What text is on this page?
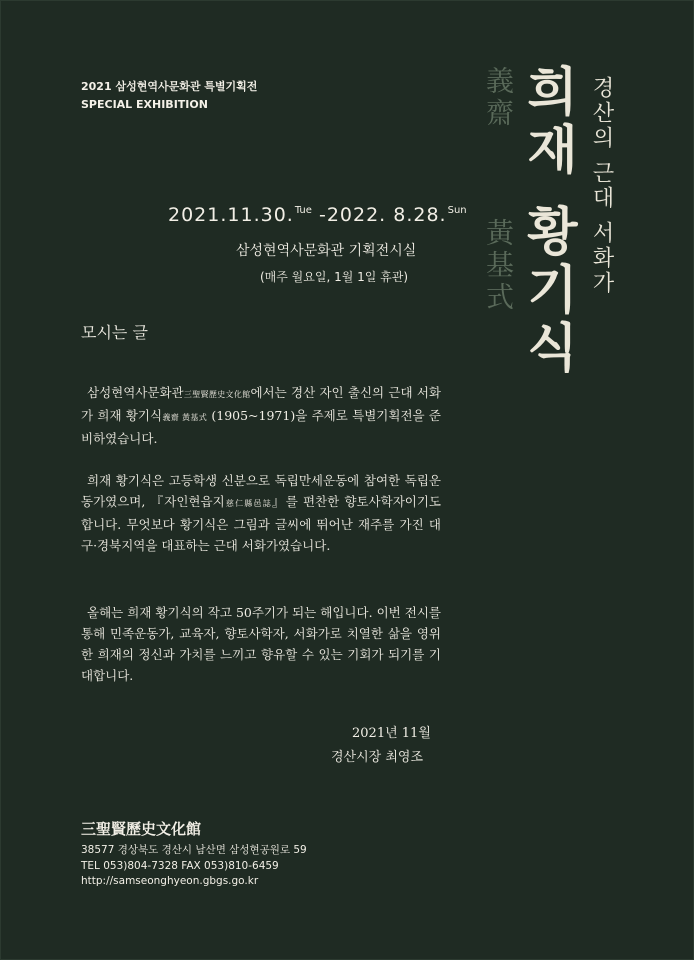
2021 삼성현역사문화관 특별기획전
SPECIAL EXHIBITION	義齋
黃基式 희재 황기식 경산의 근대 서화가
2021.11.30.$^{Tue}$ -2022. 8.28.$^{Sun}$
삼성현역사문화관 기획전시실
(매주 월요일, 1월 1일 휴관)
모시는 글
삼성현역사문화관三聖賢歷史文化館에서는 경산 자인 출신의 근대 서화가 희재 황기식義齋 黃基式 (1905~1971)을 주제로 특별기획전을 준비하였습니다.
희재 황기식은 고등학생 신분으로 독립만세운동에 참여한 독립운동가였으며, 『자인현읍지慈仁縣邑誌』를 편찬한 향토사학자이기도 합니다. 무엇보다 황기식은 그림과 글씨에 뛰어난 재주를 가진 대구·경북지역을 대표하는 근대 서화가였습니다.
올해는 희재 황기식의 작고 50주기가 되는 해입니다. 이번 전시를 통해 민족운동가, 교육자, 향토사학자, 서화가로 치열한 삶을 영위한 희재의 정신과 가치를 느끼고 향유할 수 있는 기회가 되기를 기대합니다.
2021년 11월
경산시장 최영조
三聖賢歷史文化館
38577 경상북도 경산시 남산면 삼성현공원로 59
TEL 053)804-7328 FAX 053)810-6459
http://samseonghyeon.gbgs.go.kr
